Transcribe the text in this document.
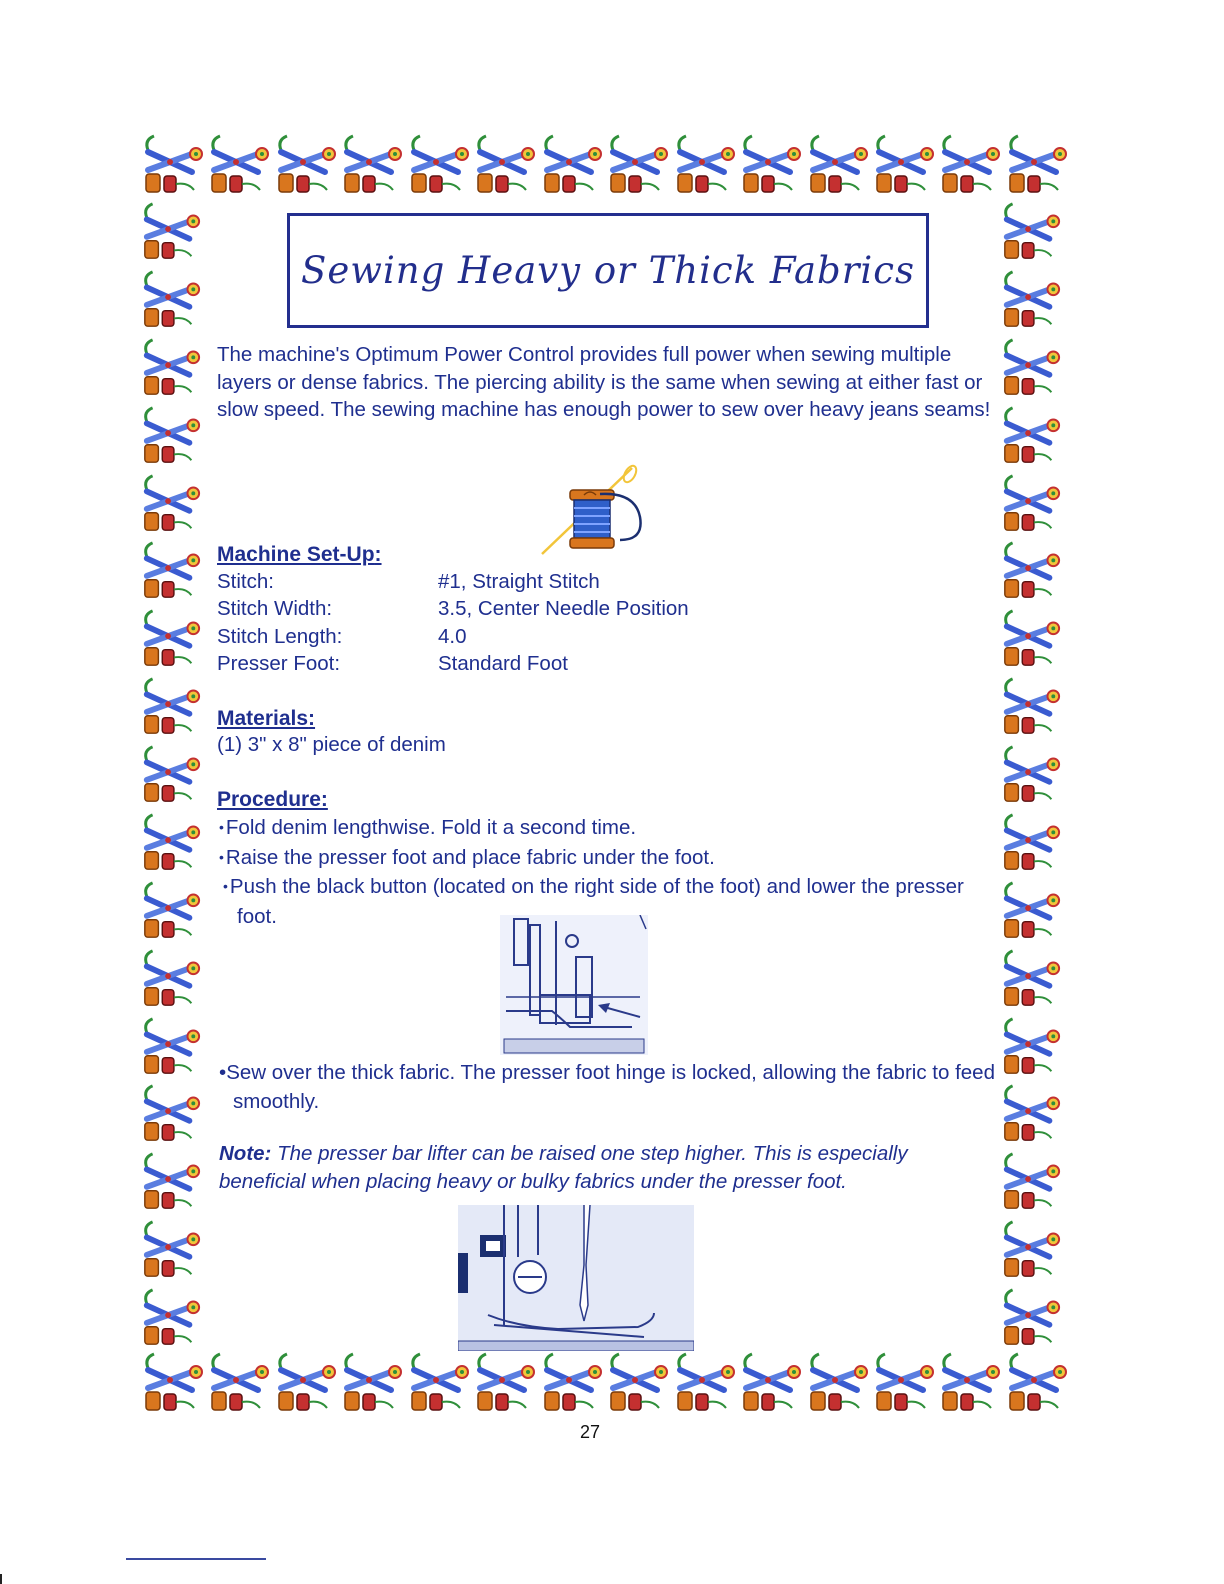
Sewing Heavy or Thick Fabrics

The machine's Optimum Power Control provides full power when sewing multiple layers or dense fabrics. The piercing ability is the same when sewing at either fast or slow speed. The sewing machine has enough power to sew over heavy jeans seams!

Machine Set-Up:
Stitch:	#1, Straight Stitch
Stitch Width:	3.5, Center Needle Position
Stitch Length:	4.0
Presser Foot:	Standard Foot
Materials:

(1) 3" x 8" piece of denim

Procedure:
• Fold denim lengthwise. Fold it a second time.
• Raise the presser foot and place fabric under the foot.
• Push the black button (located on the right side of the foot) and lower the presser foot.

•Sew over the thick fabric. The presser foot hinge is locked, allowing the fabric to feed smoothly.

Note: The presser bar lifter can be raised one step higher. This is especially beneficial when placing heavy or bulky fabrics under the presser foot.

27
